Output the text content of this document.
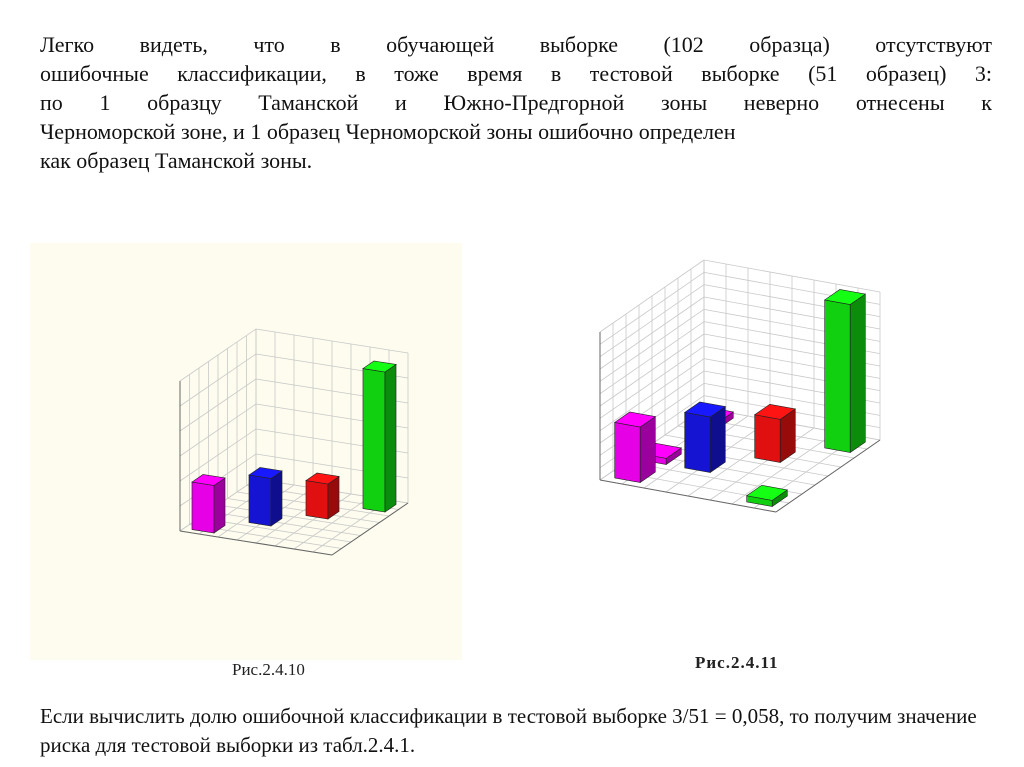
Легко видеть, что в обучающей выборке (102 образца) отсутствуют
ошибочные классификации, в тоже время в тестовой выборке (51 образец) 3:
по 1 образцу Таманской и Южно-Предгорной зоны неверно отнесены к
Черноморской зоне, и 1 образец Черноморской зоны ошибочно определен
как образец Таманской зоны.
Рис.2.4.10	Рис.2.4.11
Если вычислить долю ошибочной классификации в тестовой выборке 3/51 = 0,058, то получим значение риска для тестовой выборки из табл.2.4.1.
